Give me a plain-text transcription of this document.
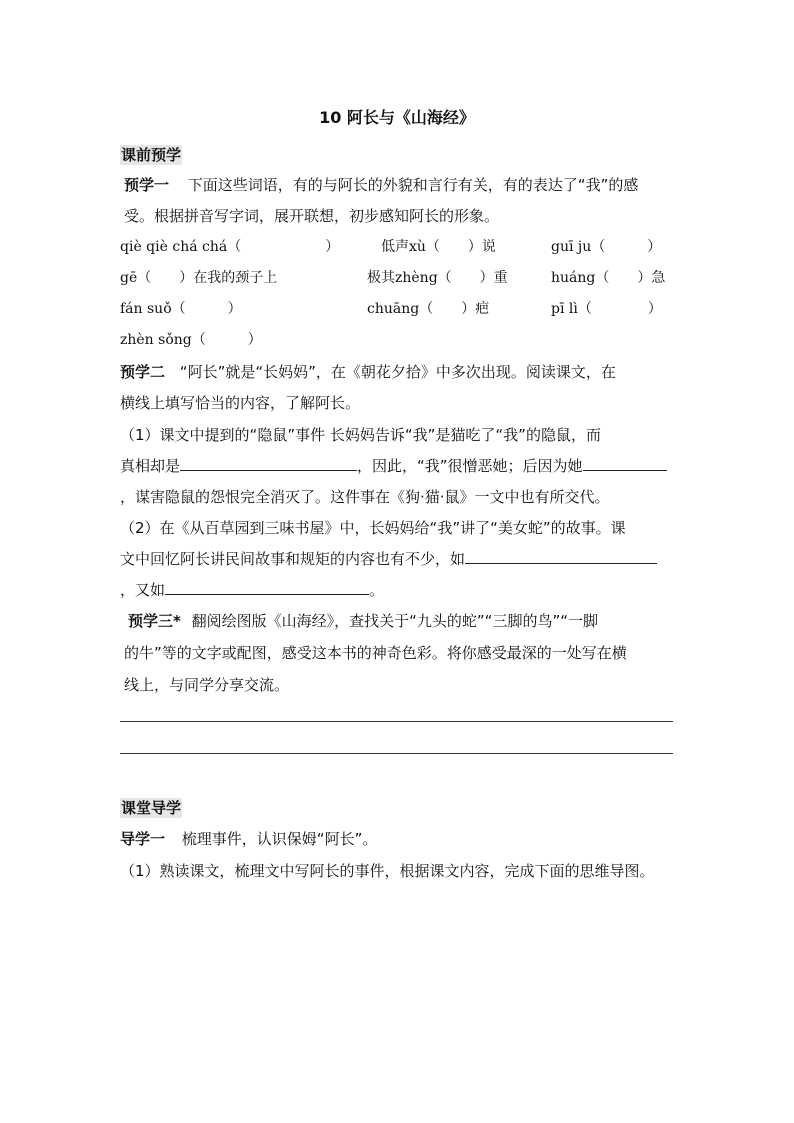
10 阿长与《山海经》
课前预学
预学一 下面这些词语，有的与阿长的外貌和言行有关，有的表达了“我”的感
受。根据拼音写字词，展开联想，初步感知阿长的形象。
qiè qiè chá chá（　　　　　　）	低声xù（　　）说	guī ju（　　　）
gē（　　）在我的颈子上	极其zhèng（　　）重	huáng（　　）急
fán suǒ（　　　）	chuāng（　　）疤	pī lì（　　　　）
zhèn sǒng（　　　）
预学二 “阿长”就是“长妈妈”，在《朝花夕拾》中多次出现。阅读课文，在
横线上填写恰当的内容，了解阿长。
（1）课文中提到的“隐鼠”事件 长妈妈告诉“我”是猫吃了“我”的隐鼠，而
真相却是	，因此，“我”很憎恶她；后因为她
，谋害隐鼠的怨恨完全消灭了。这件事在《狗·猫·鼠》一文中也有所交代。
（2）在《从百草园到三味书屋》中，长妈妈给“我”讲了“美女蛇”的故事。课
文中回忆阿长讲民间故事和规矩的内容也有不少，如
，又如	。
预学三* 翻阅绘图版《山海经》，查找关于“九头的蛇”“三脚的鸟”“一脚
的牛”等的文字或配图，感受这本书的神奇色彩。将你感受最深的一处写在横
线上，与同学分享交流。
课堂导学
导学一 梳理事件，认识保姆“阿长”。
（1）熟读课文，梳理文中写阿长的事件，根据课文内容，完成下面的思维导图。
